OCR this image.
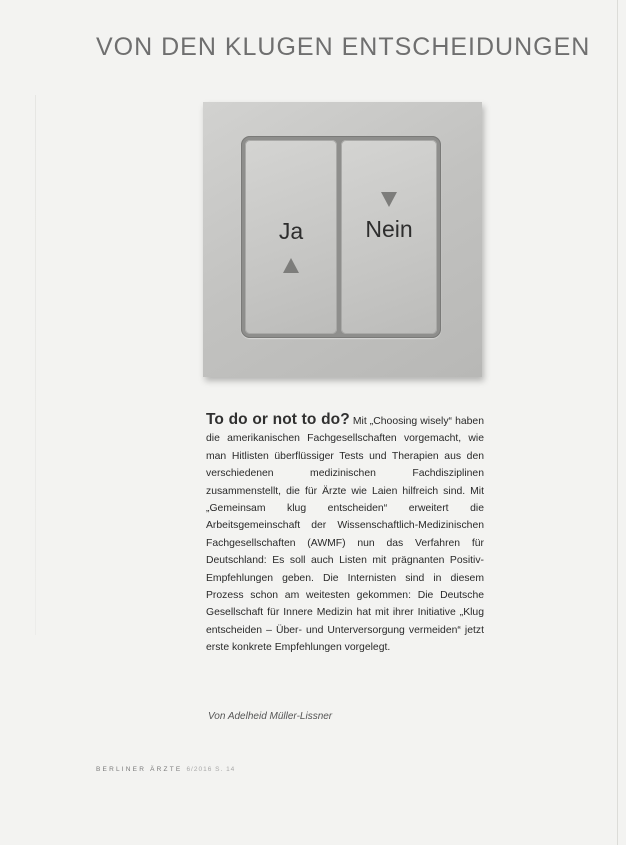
VON DEN KLUGEN ENTSCHEIDUNGEN
Ja	Nein
To do or not to do? Mit „Choosing wisely“ haben die amerikanischen Fachgesellschaften vorgemacht, wie man Hitlisten überflüssiger Tests und Therapien aus den verschiedenen medizinischen Fachdisziplinen zusammenstellt, die für Ärzte wie Laien hilfreich sind. Mit „Gemeinsam klug entscheiden“ erweitert die Arbeitsgemeinschaft der Wissenschaftlich-Medizinischen Fachgesellschaften (AWMF) nun das Verfahren für Deutschland: Es soll auch Listen mit prägnanten Positiv-Empfehlungen geben. Die Internisten sind in diesem Prozess schon am weitesten gekommen: Die Deutsche Gesellschaft für Innere Medizin hat mit ihrer Initiative „Klug entscheiden – Über- und Unterversorgung vermeiden“ jetzt erste konkrete Empfehlungen vorgelegt.
Von Adelheid Müller-Lissner
BERLINER ÄRZTE 6/2016 S. 14
